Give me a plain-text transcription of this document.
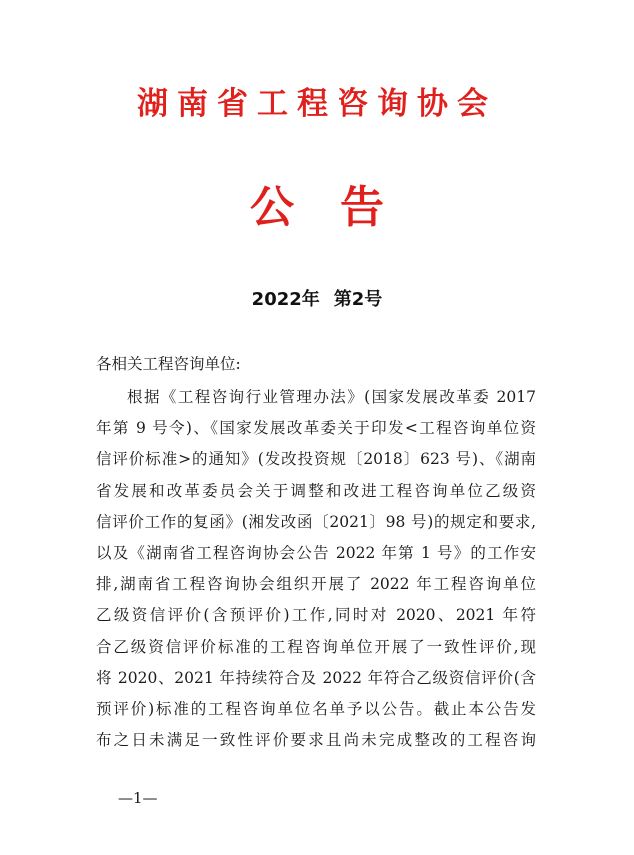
湖南省工程咨询协会
公告
2022年 第2号
各相关工程咨询单位:
根据《工程咨询行业管理办法》(国家发展改革委 2017
年第 9 号令)、《国家发展改革委关于印发<工程咨询单位资
信评价标准>的通知》(发改投资规〔2018〕623 号)、《湖南
省发展和改革委员会关于调整和改进工程咨询单位乙级资
信评价工作的复函》(湘发改函〔2021〕98 号)的规定和要求,
以及《湖南省工程咨询协会公告 2022 年第 1 号》的工作安
排,湖南省工程咨询协会组织开展了 2022 年工程咨询单位
乙级资信评价(含预评价)工作,同时对 2020、2021 年符
合乙级资信评价标准的工程咨询单位开展了一致性评价,现
将 2020、2021 年持续符合及 2022 年符合乙级资信评价(含
预评价)标准的工程咨询单位名单予以公告。截止本公告发
布之日未满足一致性评价要求且尚未完成整改的工程咨询
—1—
